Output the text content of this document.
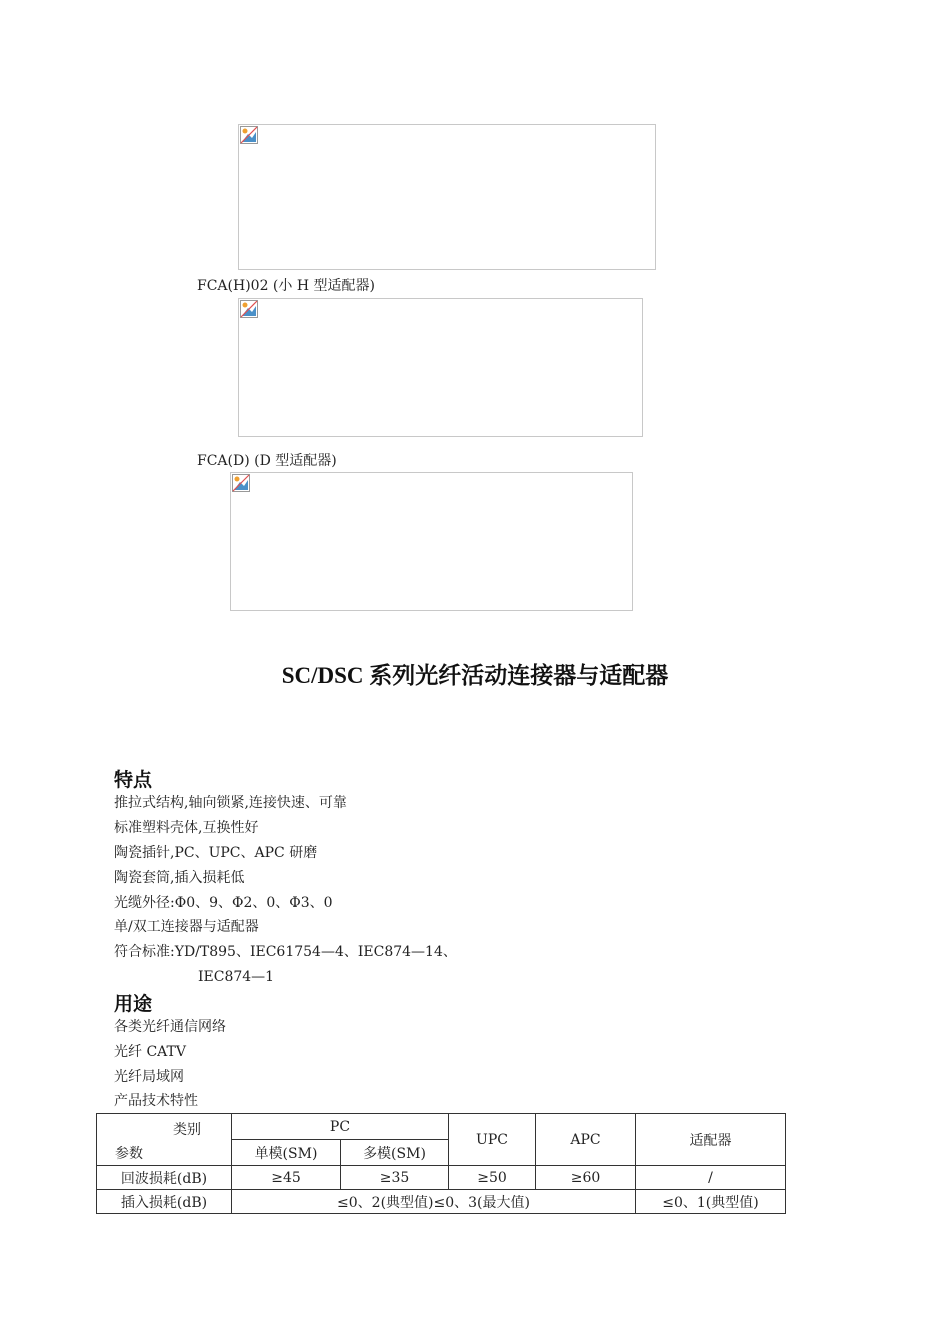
FCA(H)02 (小 H 型适配器)
FCA(D) (D 型适配器)
SC/DSC 系列光纤活动连接器与适配器
特点
推拉式结构,轴向锁紧,连接快速、可靠
标准塑料壳体,互换性好
陶瓷插针,PC、UPC、APC 研磨
陶瓷套筒,插入损耗低
光缆外径:Φ0、9、Φ2、0、Φ3、0
单/双工连接器与适配器
符合标准:YD/T895、IEC61754—4、IEC874—14、
IEC874—1
用途
各类光纤通信网络
光纤 CATV
光纤局域网
产品技术特性
类别
参数	PC		UPC	APC	适配器
	单模(SM)	多模(SM)			
回波损耗(dB)	≥45	≥35	≥50	≥60	/
插入损耗(dB)	≤0、2(典型值)≤0、3(最大值)				≤0、1(典型值)
